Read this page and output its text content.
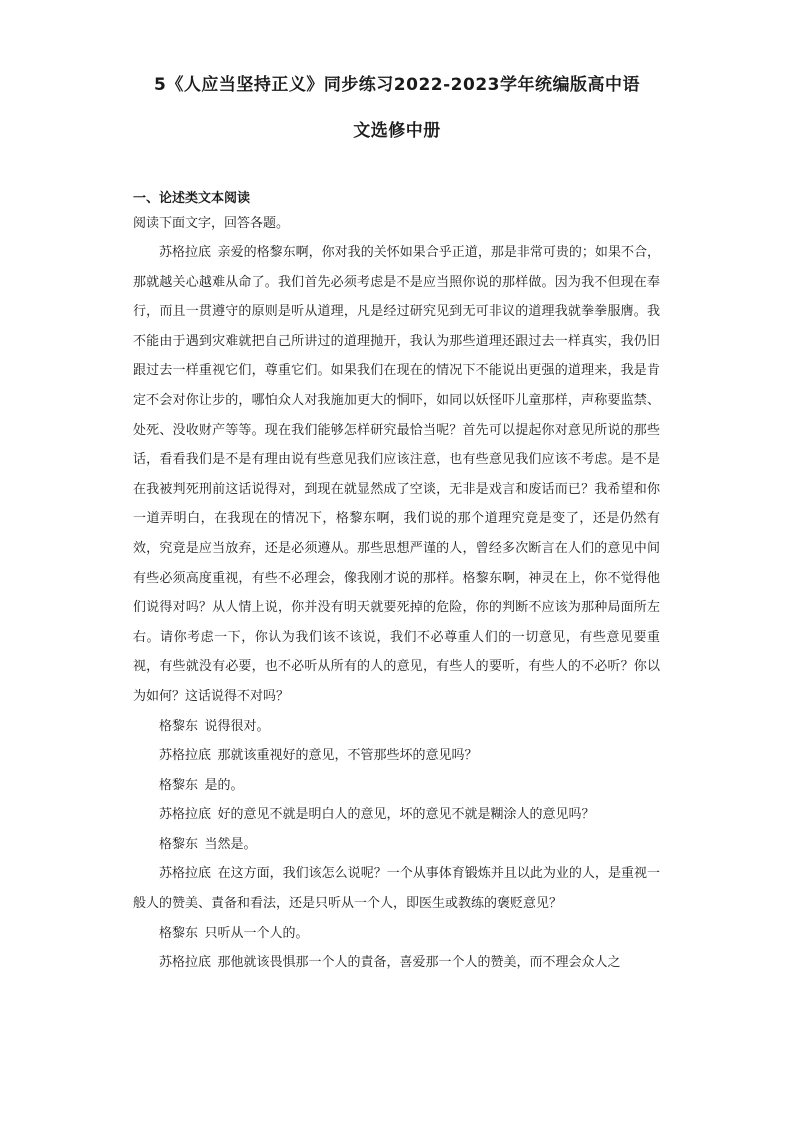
5《人应当坚持正义》同步练习2022-2023学年统编版高中语
文选修中册
一、论述类文本阅读

阅读下面文字，回答各题。

苏格拉底 亲爱的格黎东啊，你对我的关怀如果合乎正道，那是非常可贵的；如果不合，那就越关心越难从命了。我们首先必须考虑是不是应当照你说的那样做。因为我不但现在奉行，而且一贯遵守的原则是听从道理，凡是经过研究见到无可非议的道理我就拳拳服膺。我不能由于遇到灾难就把自己所讲过的道理抛开，我认为那些道理还跟过去一样真实，我仍旧跟过去一样重视它们，尊重它们。如果我们在现在的情况下不能说出更强的道理来，我是肯定不会对你让步的，哪怕众人对我施加更大的恫吓，如同以妖怪吓儿童那样，声称要监禁、处死、没收财产等等。现在我们能够怎样研究最恰当呢？首先可以提起你对意见所说的那些话，看看我们是不是有理由说有些意见我们应该注意，也有些意见我们应该不考虑。是不是在我被判死刑前这话说得对，到现在就显然成了空谈，无非是戏言和废话而已？我希望和你一道弄明白，在我现在的情况下，格黎东啊，我们说的那个道理究竟是变了，还是仍然有效，究竟是应当放弃，还是必须遵从。那些思想严谨的人，曾经多次断言在人们的意见中间有些必须高度重视，有些不必理会，像我刚才说的那样。格黎东啊，神灵在上，你不觉得他们说得对吗？从人情上说，你并没有明天就要死掉的危险，你的判断不应该为那种局面所左右。请你考虑一下，你认为我们该不该说，我们不必尊重人们的一切意见，有些意见要重视，有些就没有必要，也不必听从所有的人的意见，有些人的要听，有些人的不必听？你以为如何？这话说得不对吗？

格黎东 说得很对。

苏格拉底 那就该重视好的意见，不管那些坏的意见吗？

格黎东 是的。

苏格拉底 好的意见不就是明白人的意见，坏的意见不就是糊涂人的意见吗？

格黎东 当然是。

苏格拉底 在这方面，我们该怎么说呢？一个从事体育锻炼并且以此为业的人，是重视一般人的赞美、責备和看法，还是只听从一个人，即医生或教练的褒贬意见？

格黎东 只听从一个人的。

苏格拉底 那他就该畏惧那一个人的責备，喜爱那一个人的赞美，而不理会众人之
